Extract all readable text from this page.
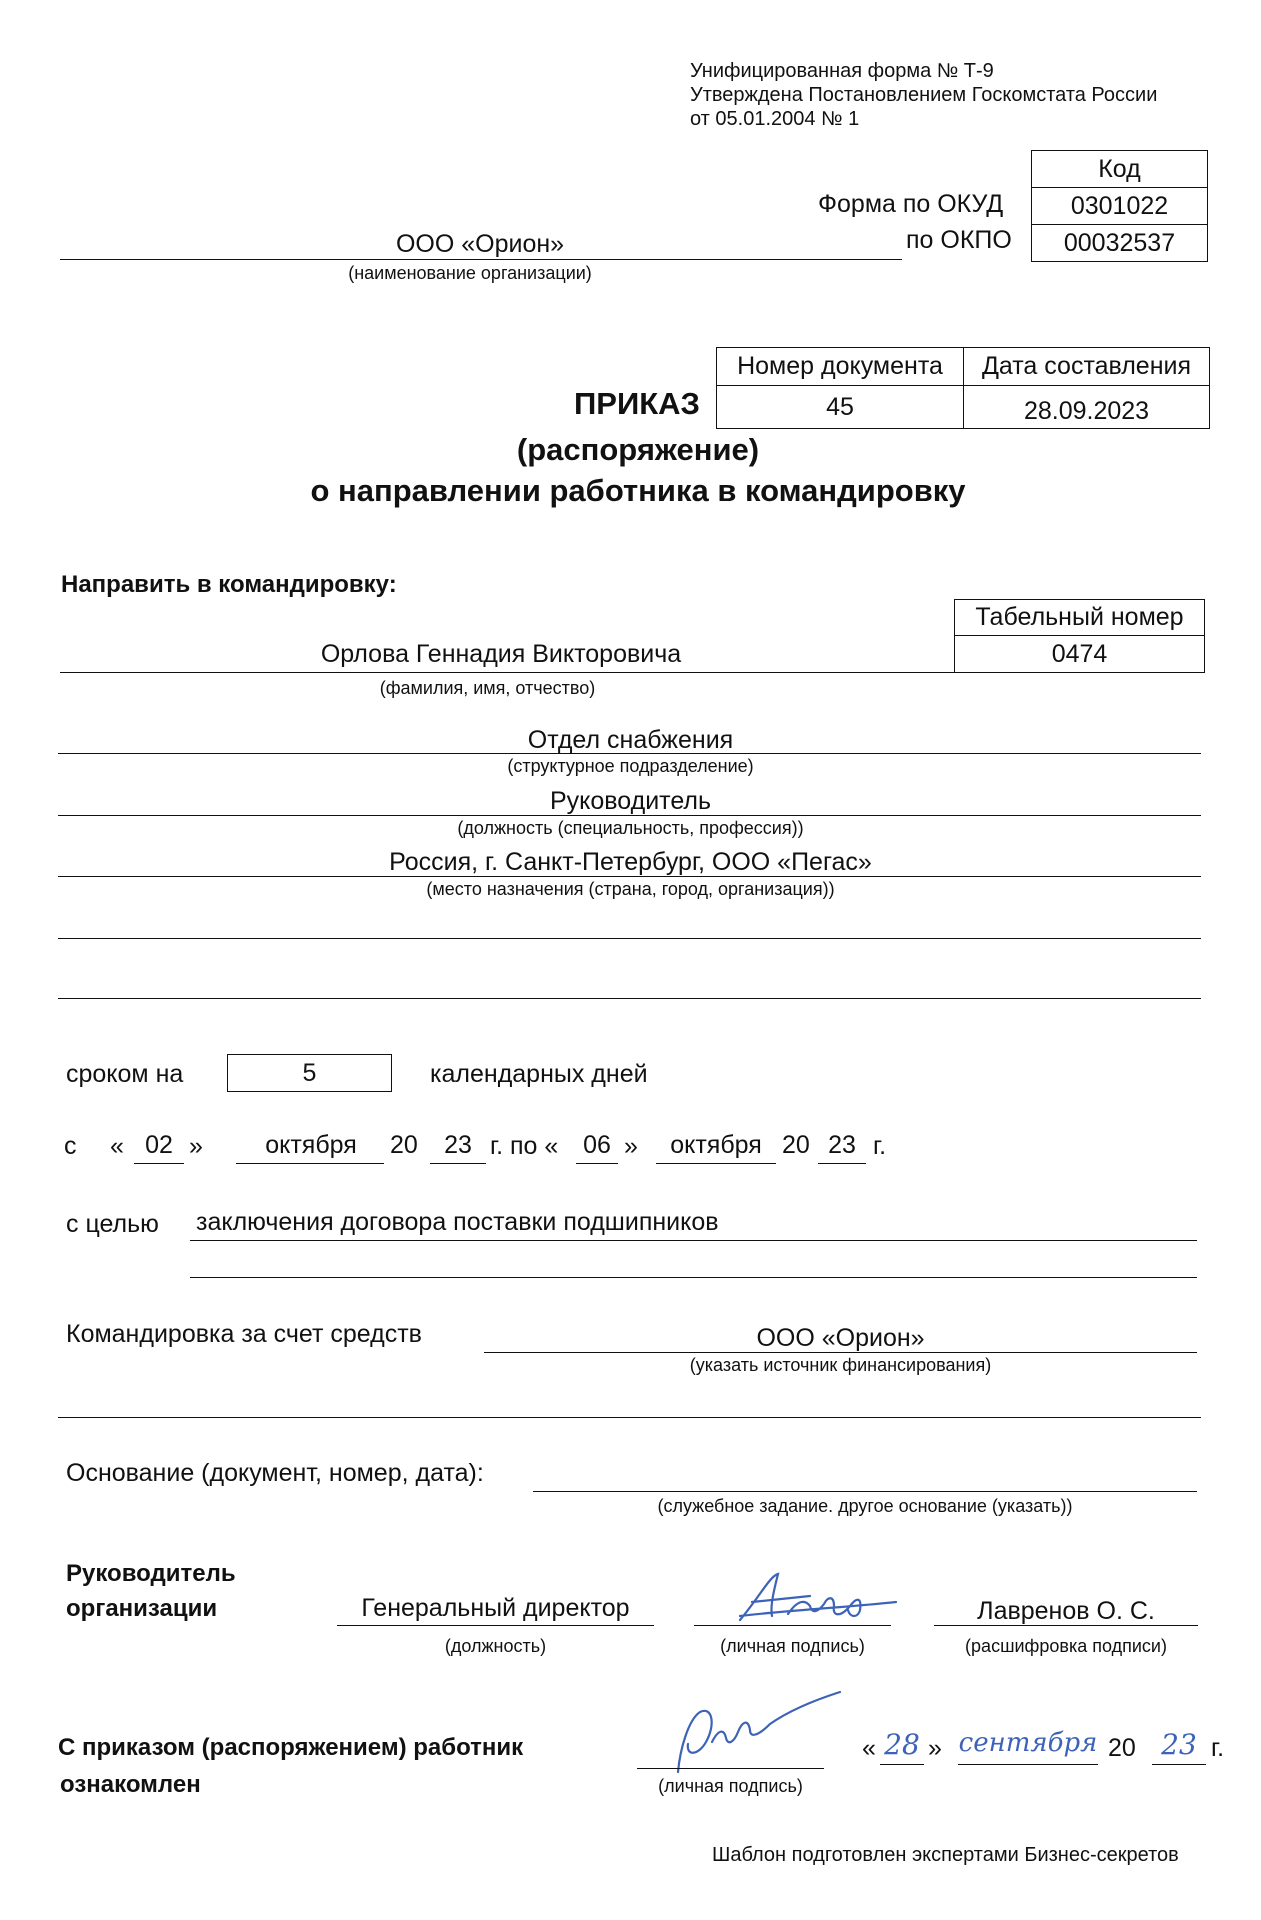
Унифицированная форма № Т-9
Утверждена Постановлением Госкомстата России
от 05.01.2004 № 1
Код
0301022
00032537
Форма по ОКУД
по ОКПО
ООО «Орион»
(наименование организации)
Номер документа Дата составления
45	28.09.2023
ПРИКАЗ
(распоряжение)
о направлении работника в командировку
Направить в командировку:
Табельный номер
0474
Орлова Геннадия Викторовича
(фамилия, имя, отчество)
Отдел снабжения
(структурное подразделение)
Руководитель
(должность (специальность, профессия))
Россия, г. Санкт-Петербург, ООО «Пегас»
(место назначения (страна, город, организация))
сроком на	5	календарных дней
с « 02 »	октября	20	23 г. по « 06 »	октября 20 23 г.
с целью заключения договора поставки подшипников
Командировка за счет средств	ООО «Орион»
(указать источник финансирования)
Основание (документ, номер, дата):
(служебное задание. другое основание (указать))
Руководитель
организации	Генеральный директор
(должность)	(личная подпись)
Лавренов О. С.
(расшифровка подписи)
С приказом (распоряжением) работник
ознакомлен	(личная подпись)
« 28 » сентября 20 23 г.
Шаблон подготовлен экспертами Бизнес-секретов
